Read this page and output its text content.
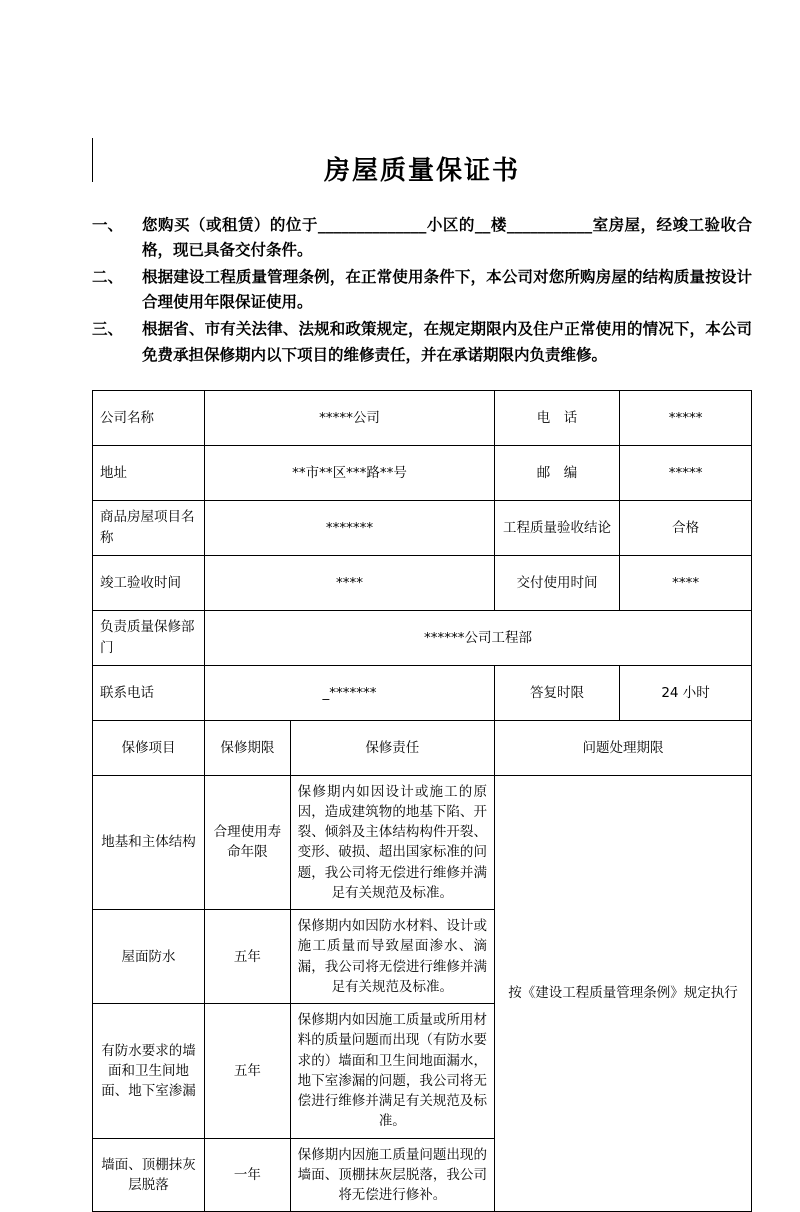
房屋质量保证书
一、	您购买（或租赁）的位于______________小区的__楼___________室房屋，经竣工验收合格，现已具备交付条件。
二、	根据建设工程质量管理条例，在正常使用条件下，本公司对您所购房屋的结构质量按设计合理使用年限保证使用。
三、	根据省、市有关法律、法规和政策规定，在规定期限内及住户正常使用的情况下，本公司免费承担保修期内以下项目的维修责任，并在承诺期限内负责维修。
公司名称	*****公司		电　话	*****
地址	**市**区***路**号		邮　编	*****
商品房屋项目名称	*******		工程质量验收结论	合格
竣工验收时间	****		交付使用时间	****
负责质量保修部门	******公司工程部			
联系电话	_*******		答复时限	24 小时
保修项目	保修期限	保修责任	问题处理期限	
地基和主体结构	合理使用寿命年限	保修期内如因设计或施工的原因，造成建筑物的地基下陷、开裂、倾斜及主体结构构件开裂、变形、破损、超出国家标准的问题，我公司将无偿进行维修并满足有关规范及标准。	按《建设工程质量管理条例》规定执行	
屋面防水	五年	保修期内如因防水材料、设计或施工质量而导致屋面渗水、滴漏，我公司将无偿进行维修并满足有关规范及标准。		
有防水要求的墙面和卫生间地面、地下室渗漏	五年	保修期内如因施工质量或所用材料的质量问题而出现（有防水要求的）墙面和卫生间地面漏水，地下室渗漏的问题，我公司将无偿进行维修并满足有关规范及标准。		
墙面、顶棚抹灰层脱落	一年	保修期内因施工质量问题出现的墙面、顶棚抹灰层脱落，我公司将无偿进行修补。		
